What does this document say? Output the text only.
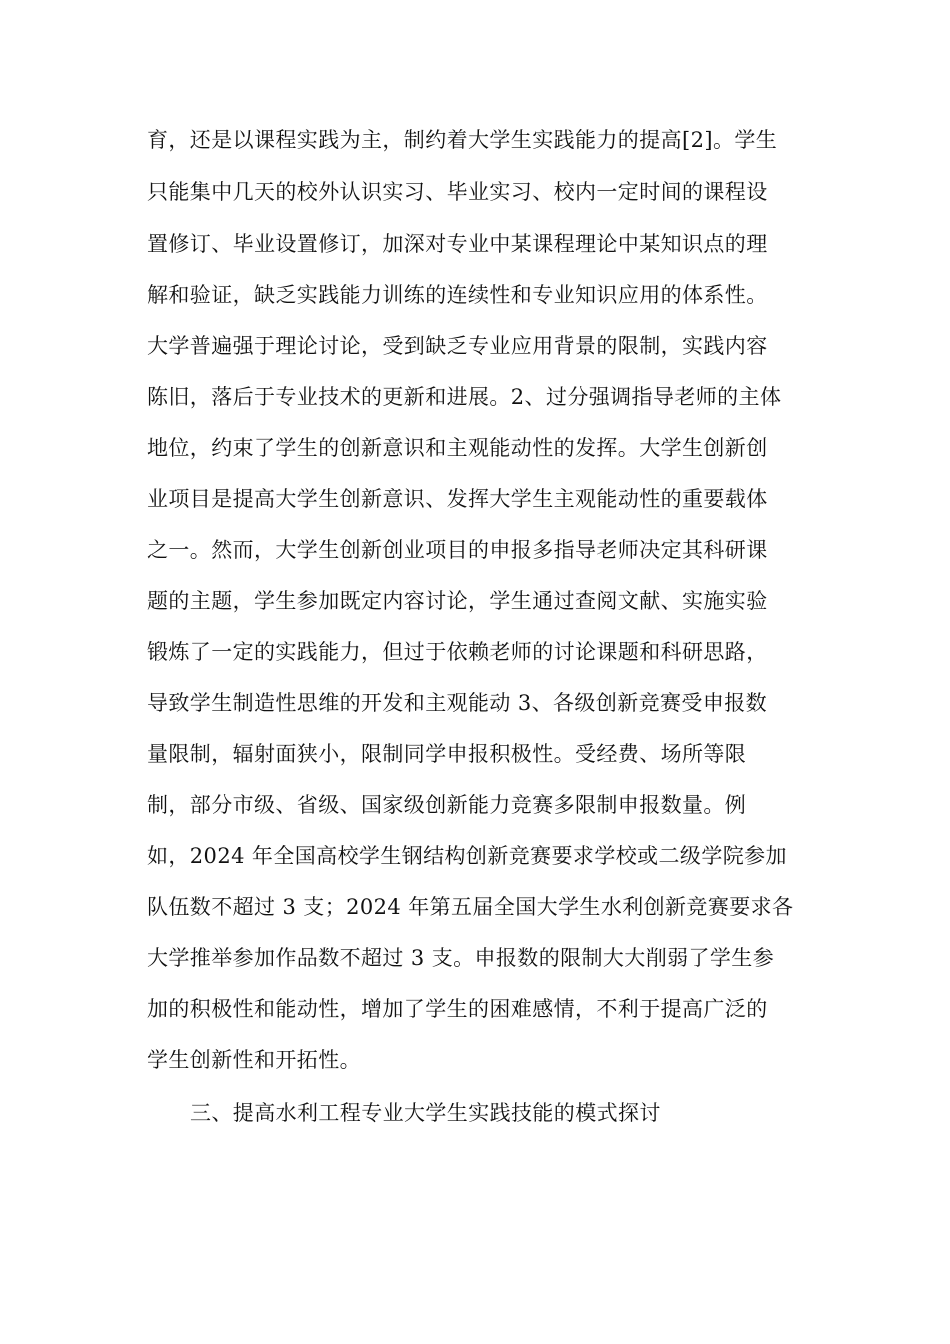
育，还是以课程实践为主，制约着大学生实践能力的提高[2]。学生
只能集中几天的校外认识实习、毕业实习、校内一定时间的课程设
置修订、毕业设置修订，加深对专业中某课程理论中某知识点的理
解和验证，缺乏实践能力训练的连续性和专业知识应用的体系性。
大学普遍强于理论讨论，受到缺乏专业应用背景的限制，实践内容
陈旧，落后于专业技术的更新和进展。2、过分强调指导老师的主体
地位，约束了学生的创新意识和主观能动性的发挥。大学生创新创
业项目是提高大学生创新意识、发挥大学生主观能动性的重要载体
之一。然而，大学生创新创业项目的申报多指导老师决定其科研课
题的主题，学生参加既定内容讨论，学生通过查阅文献、实施实验
锻炼了一定的实践能力，但过于依赖老师的讨论课题和科研思路，
导致学生制造性思维的开发和主观能动 3、各级创新竞赛受申报数
量限制，辐射面狭小，限制同学申报积极性。受经费、场所等限
制，部分市级、省级、国家级创新能力竞赛多限制申报数量。例
如，2024 年全国高校学生钢结构创新竞赛要求学校或二级学院参加
队伍数不超过 3 支；2024 年第五届全国大学生水利创新竞赛要求各
大学推举参加作品数不超过 3 支。申报数的限制大大削弱了学生参
加的积极性和能动性，增加了学生的困难感情，不利于提高广泛的
学生创新性和开拓性。
三、提高水利工程专业大学生实践技能的模式探讨
